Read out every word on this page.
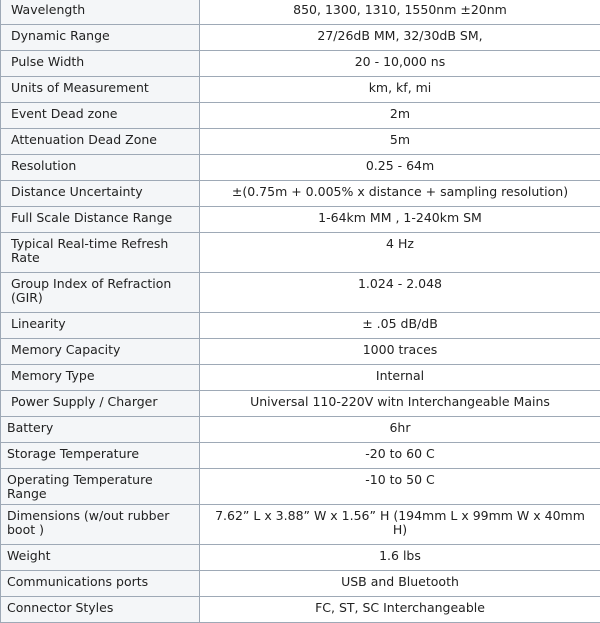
Wavelength	850, 1300, 1310, 1550nm ±20nm
Dynamic Range	27/26dB MM, 32/30dB SM,
Pulse Width	20 - 10,000 ns
Units of Measurement	km, kf, mi
Event Dead zone	2m
Attenuation Dead Zone	5m
Resolution	0.25 - 64m
Distance Uncertainty	±(0.75m + 0.005% x distance + sampling resolution)
Full Scale Distance Range	1-64km MM , 1-240km SM
Typical Real-time Refresh Rate	4 Hz
Group Index of Refraction (GIR)	1.024 - 2.048
Linearity	± .05 dB/dB
Memory Capacity	1000 traces
Memory Type	Internal
Power Supply / Charger	Universal 110-220V witn Interchangeable Mains
Battery	6hr
Storage Temperature	-20 to 60 C
Operating Temperature Range	-10 to 50 C
Dimensions (w/out rubber boot )	7.62” L x 3.88” W x 1.56” H (194mm L x 99mm W x 40mm H)
Weight	1.6 lbs
Communications ports	USB and Bluetooth
Connector Styles	FC, ST, SC Interchangeable
